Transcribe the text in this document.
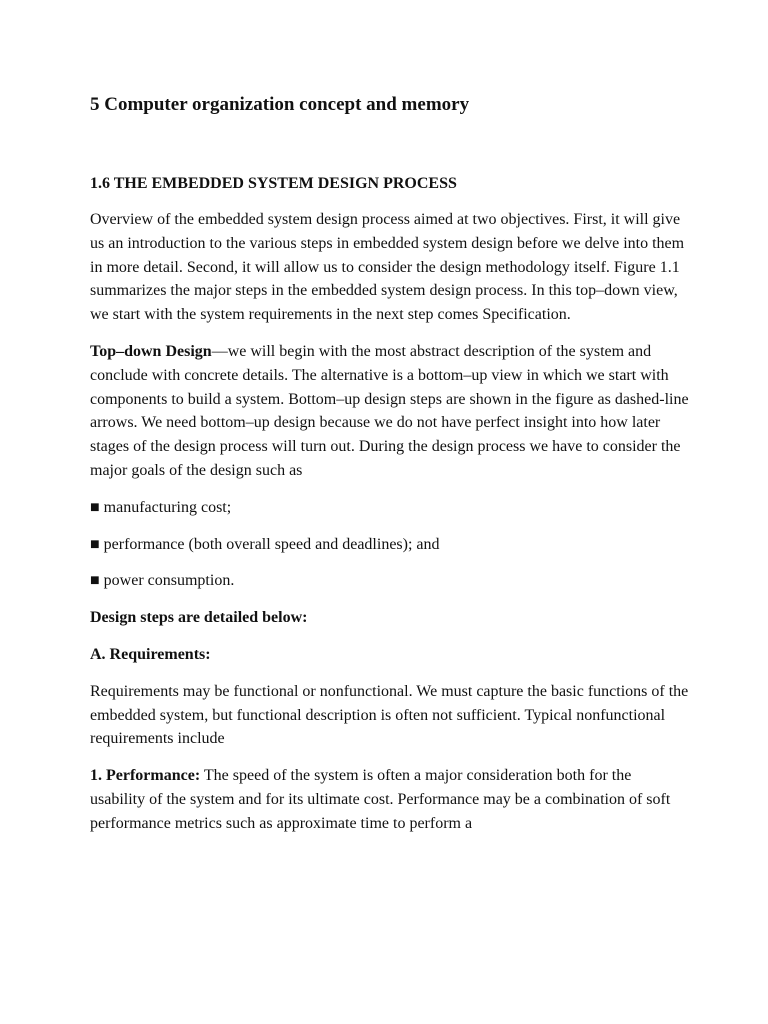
5 Computer organization concept and memory
1.6 THE EMBEDDED SYSTEM DESIGN PROCESS

Overview of the embedded system design process aimed at two objectives. First, it will give us an introduction to the various steps in embedded system design before we delve into them in more detail. Second, it will allow us to consider the design methodology itself. Figure 1.1 summarizes the major steps in the embedded system design process. In this top–down view, we start with the system requirements in the next step comes Specification.

Top–down Design—we will begin with the most abstract description of the system and conclude with concrete details. The alternative is a bottom–up view in which we start with components to build a system. Bottom–up design steps are shown in the figure as dashed-line arrows. We need bottom–up design because we do not have perfect insight into how later stages of the design process will turn out. During the design process we have to consider the major goals of the design such as

■ manufacturing cost;

■ performance (both overall speed and deadlines); and

■ power consumption.

Design steps are detailed below:

A. Requirements:

Requirements may be functional or nonfunctional. We must capture the basic functions of the embedded system, but functional description is often not sufficient. Typical nonfunctional requirements include

1. Performance: The speed of the system is often a major consideration both for the usability of the system and for its ultimate cost. Performance may be a combination of soft performance metrics such as approximate time to perform a
